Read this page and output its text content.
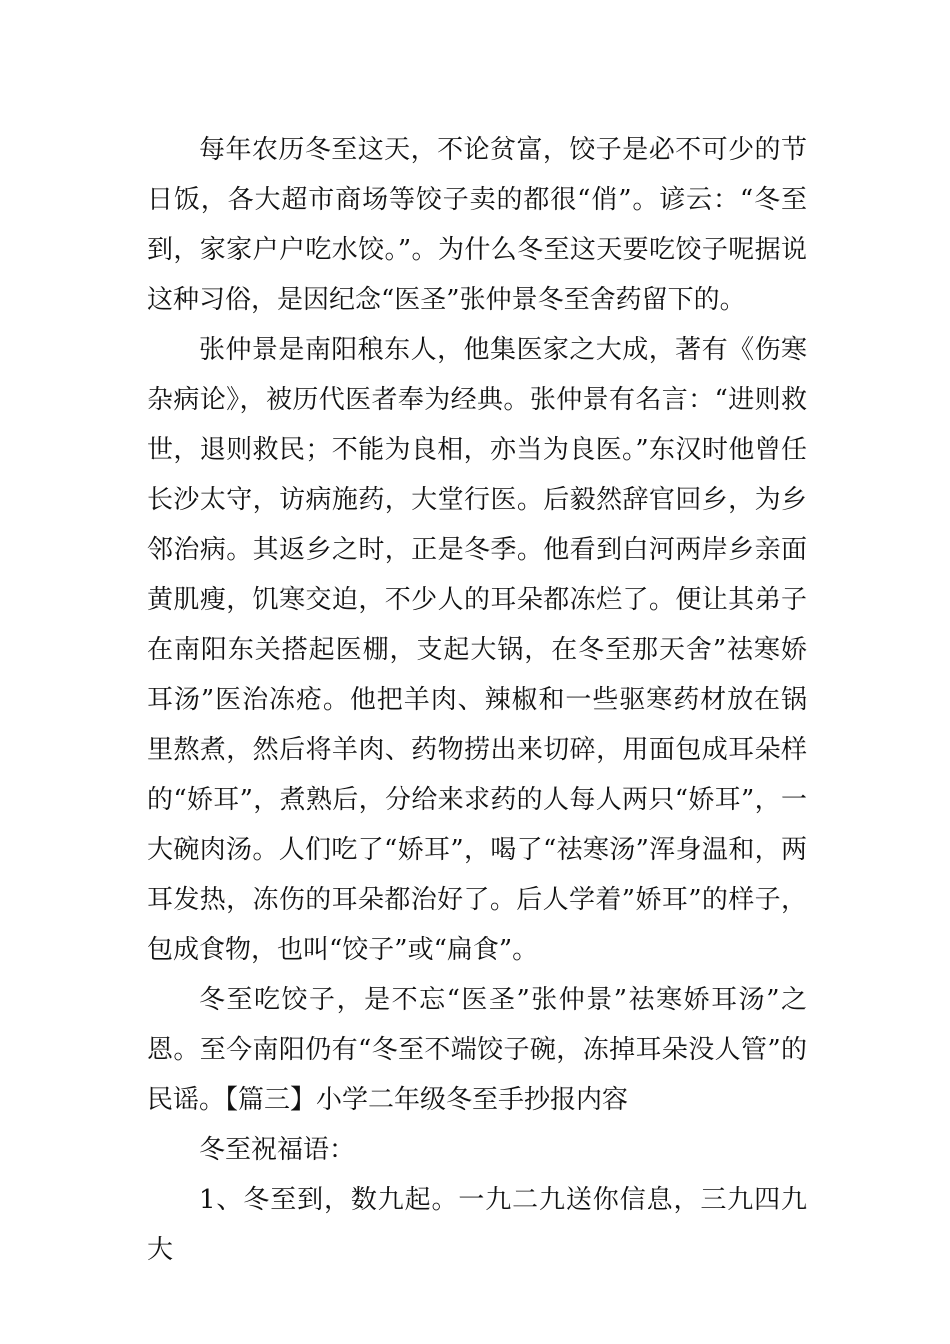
每年农历冬至这天，不论贫富，饺子是必不可少的节日饭，各大超市商场等饺子卖的都很“俏”。谚云：“冬至到，家家户户吃水饺。”。为什么冬至这天要吃饺子呢据说这种习俗，是因纪念“医圣”张仲景冬至舍药留下的。

张仲景是南阳稂东人，他集医家之大成，著有《伤寒杂病论》，被历代医者奉为经典。张仲景有名言：“进则救世，退则救民；不能为良相，亦当为良医。”东汉时他曾任长沙太守，访病施药，大堂行医。后毅然辞官回乡，为乡邻治病。其返乡之时，正是冬季。他看到白河两岸乡亲面黄肌瘦，饥寒交迫，不少人的耳朵都冻烂了。便让其弟子在南阳东关搭起医棚，支起大锅，在冬至那天舍”祛寒娇耳汤”医治冻疮。他把羊肉、辣椒和一些驱寒药材放在锅里熬煮，然后将羊肉、药物捞出来切碎，用面包成耳朵样的“娇耳”，煮熟后，分给来求药的人每人两只“娇耳”，一大碗肉汤。人们吃了“娇耳”，喝了“祛寒汤”浑身温和，两耳发热，冻伤的耳朵都治好了。后人学着”娇耳”的样子，包成食物，也叫“饺子”或“扁食”。

冬至吃饺子，是不忘“医圣”张仲景”祛寒娇耳汤”之恩。至今南阳仍有“冬至不端饺子碗，冻掉耳朵没人管”的民谣。【篇三】小学二年级冬至手抄报内容

冬至祝福语：

1、冬至到，数九起。一九二九送你信息，三九四九大
